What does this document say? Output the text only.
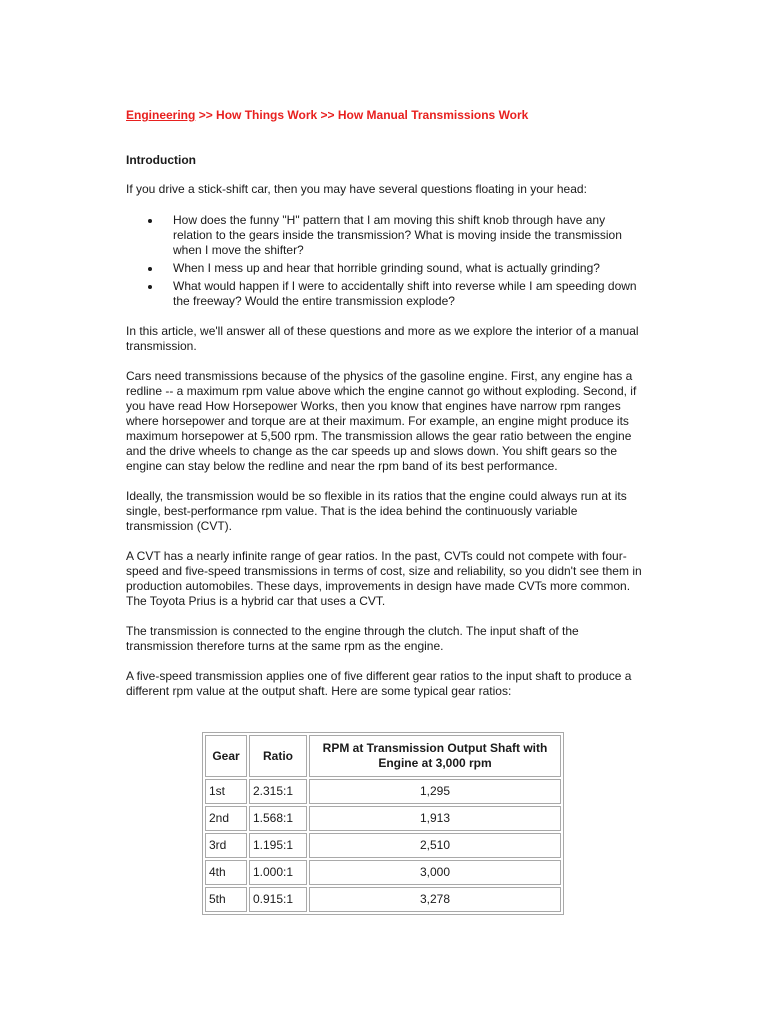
Engineering >> How Things Work >> How Manual Transmissions Work
Introduction

If you drive a stick-shift car, then you may have several questions floating in your head:

How does the funny "H" pattern that I am moving this shift knob through have any relation to the gears inside the transmission? What is moving inside the transmission when I move the shifter?
When I mess up and hear that horrible grinding sound, what is actually grinding?
What would happen if I were to accidentally shift into reverse while I am speeding down the freeway? Would the entire transmission explode?

In this article, we'll answer all of these questions and more as we explore the interior of a manual transmission.

Cars need transmissions because of the physics of the gasoline engine. First, any engine has a redline -- a maximum rpm value above which the engine cannot go without exploding. Second, if you have read How Horsepower Works, then you know that engines have narrow rpm ranges where horsepower and torque are at their maximum. For example, an engine might produce its maximum horsepower at 5,500 rpm. The transmission allows the gear ratio between the engine and the drive wheels to change as the car speeds up and slows down. You shift gears so the engine can stay below the redline and near the rpm band of its best performance.

Ideally, the transmission would be so flexible in its ratios that the engine could always run at its single, best-performance rpm value. That is the idea behind the continuously variable transmission (CVT).

A CVT has a nearly infinite range of gear ratios. In the past, CVTs could not compete with four-speed and five-speed transmissions in terms of cost, size and reliability, so you didn't see them in production automobiles. These days, improvements in design have made CVTs more common. The Toyota Prius is a hybrid car that uses a CVT.

The transmission is connected to the engine through the clutch. The input shaft of the transmission therefore turns at the same rpm as the engine.

A five-speed transmission applies one of five different gear ratios to the input shaft to produce a different rpm value at the output shaft. Here are some typical gear ratios:

Gear	Ratio	RPM at Transmission Output Shaft with Engine at 3,000 rpm
1st	2.315:1	1,295
2nd	1.568:1	1,913
3rd	1.195:1	2,510
4th	1.000:1	3,000
5th	0.915:1	3,278
